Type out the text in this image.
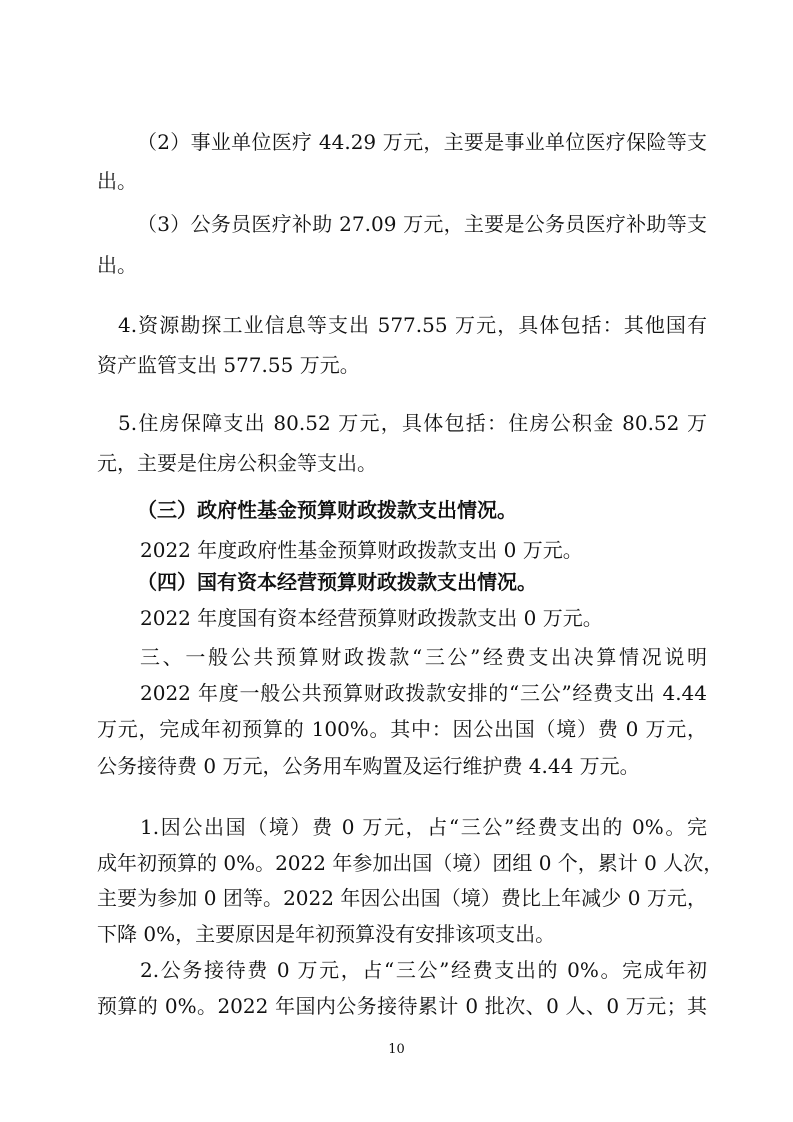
（2）事业单位医疗 44.29 万元，主要是事业单位医疗保险等支
出。
（3）公务员医疗补助 27.09 万元，主要是公务员医疗补助等支
出。
4.资源勘探工业信息等支出 577.55 万元，具体包括：其他国有
资产监管支出 577.55 万元。
5.住房保障支出 80.52 万元，具体包括：住房公积金 80.52 万
元，主要是住房公积金等支出。
（三）政府性基金预算财政拨款支出情况。
2022 年度政府性基金预算财政拨款支出 0 万元。
（四）国有资本经营预算财政拨款支出情况。
2022 年度国有资本经营预算财政拨款支出 0 万元。
三、一般公共预算财政拨款“三公”经费支出决算情况说明
2022 年度一般公共预算财政拨款安排的“三公”经费支出 4.44
万元，完成年初预算的 100%。其中：因公出国（境）费 0 万元，
公务接待费 0 万元，公务用车购置及运行维护费 4.44 万元。
1.因公出国（境）费 0 万元，占“三公”经费支出的 0%。完
成年初预算的 0%。2022 年参加出国（境）团组 0 个，累计 0 人次，
主要为参加 0 团等。2022 年因公出国（境）费比上年减少 0 万元，
下降 0%，主要原因是年初预算没有安排该项支出。
2.公务接待费 0 万元，占“三公”经费支出的 0%。完成年初
预算的 0%。2022 年国内公务接待累计 0 批次、0 人、0 万元；其
10
